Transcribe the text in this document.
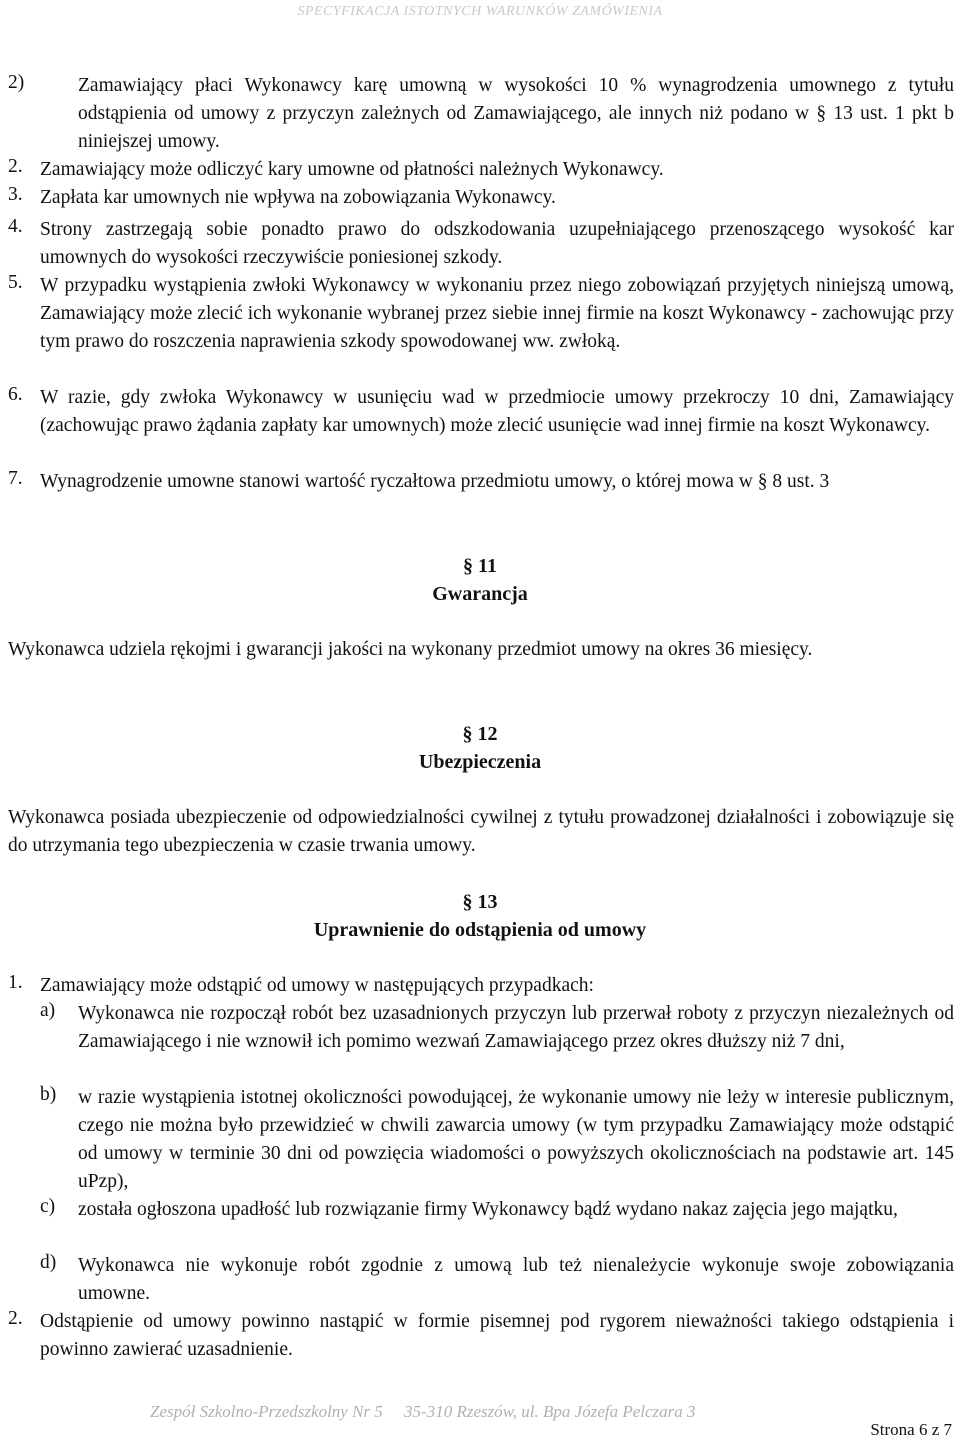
SPECYFIKACJA ISTOTNYCH WARUNKÓW ZAMÓWIENIA
2)	Zamawiający płaci Wykonawcy karę umowną w wysokości 10 % wynagrodzenia umownego z tytułu odstąpienia od umowy z przyczyn zależnych od Zamawiającego, ale innych niż podano w § 13 ust. 1 pkt b niniejszej umowy.
2. Zamawiający może odliczyć kary umowne od płatności należnych Wykonawcy.
3. Zapłata kar umownych nie wpływa na zobowiązania Wykonawcy.
4. Strony zastrzegają sobie ponadto prawo do odszkodowania uzupełniającego przenoszącego wysokość kar umownych do wysokości rzeczywiście poniesionej szkody.
5. W przypadku wystąpienia zwłoki Wykonawcy w wykonaniu przez niego zobowiązań przyjętych niniejszą umową, Zamawiający może zlecić ich wykonanie wybranej przez siebie innej firmie na koszt Wykonawcy - zachowując przy tym prawo do roszczenia naprawienia szkody spowodowanej ww. zwłoką.
6. W razie, gdy zwłoka Wykonawcy w usunięciu wad w przedmiocie umowy przekroczy 10 dni, Zamawiający (zachowując prawo żądania zapłaty kar umownych) może zlecić usunięcie wad innej firmie na koszt Wykonawcy.
7. Wynagrodzenie umowne stanowi wartość ryczałtowa przedmiotu umowy, o której mowa w § 8 ust. 3
§ 11
Gwarancja
Wykonawca udziela rękojmi i gwarancji jakości na wykonany przedmiot umowy na okres 36 miesięcy.
§ 12
Ubezpieczenia
Wykonawca posiada ubezpieczenie od odpowiedzialności cywilnej z tytułu prowadzonej działalności i zobowiązuje się do utrzymania tego ubezpieczenia w czasie trwania umowy.
§ 13
Uprawnienie do odstąpienia od umowy
1. Zamawiający może odstąpić od umowy w następujących przypadkach:
a) Wykonawca nie rozpoczął robót bez uzasadnionych przyczyn lub przerwał roboty z przyczyn niezależnych od Zamawiającego i nie wznowił ich pomimo wezwań Zamawiającego przez okres dłuższy niż 7 dni,
b) w razie wystąpienia istotnej okoliczności powodującej, że wykonanie umowy nie leży w interesie publicznym, czego nie można było przewidzieć w chwili zawarcia umowy (w tym przypadku Zamawiający może odstąpić od umowy w terminie 30 dni od powzięcia wiadomości o powyższych okolicznościach na podstawie art. 145 uPzp),
c) została ogłoszona upadłość lub rozwiązanie firmy Wykonawcy bądź wydano nakaz zajęcia jego majątku,
d) Wykonawca nie wykonuje robót zgodnie z umową lub też nienależycie wykonuje swoje zobowiązania umowne.
2. Odstąpienie od umowy powinno nastąpić w formie pisemnej pod rygorem nieważności takiego odstąpienia i powinno zawierać uzasadnienie.
Zespół Szkolno-Przedszkolny Nr 5     35-310 Rzeszów, ul. Bpa Józefa Pelczara 3
Strona 6 z 7
